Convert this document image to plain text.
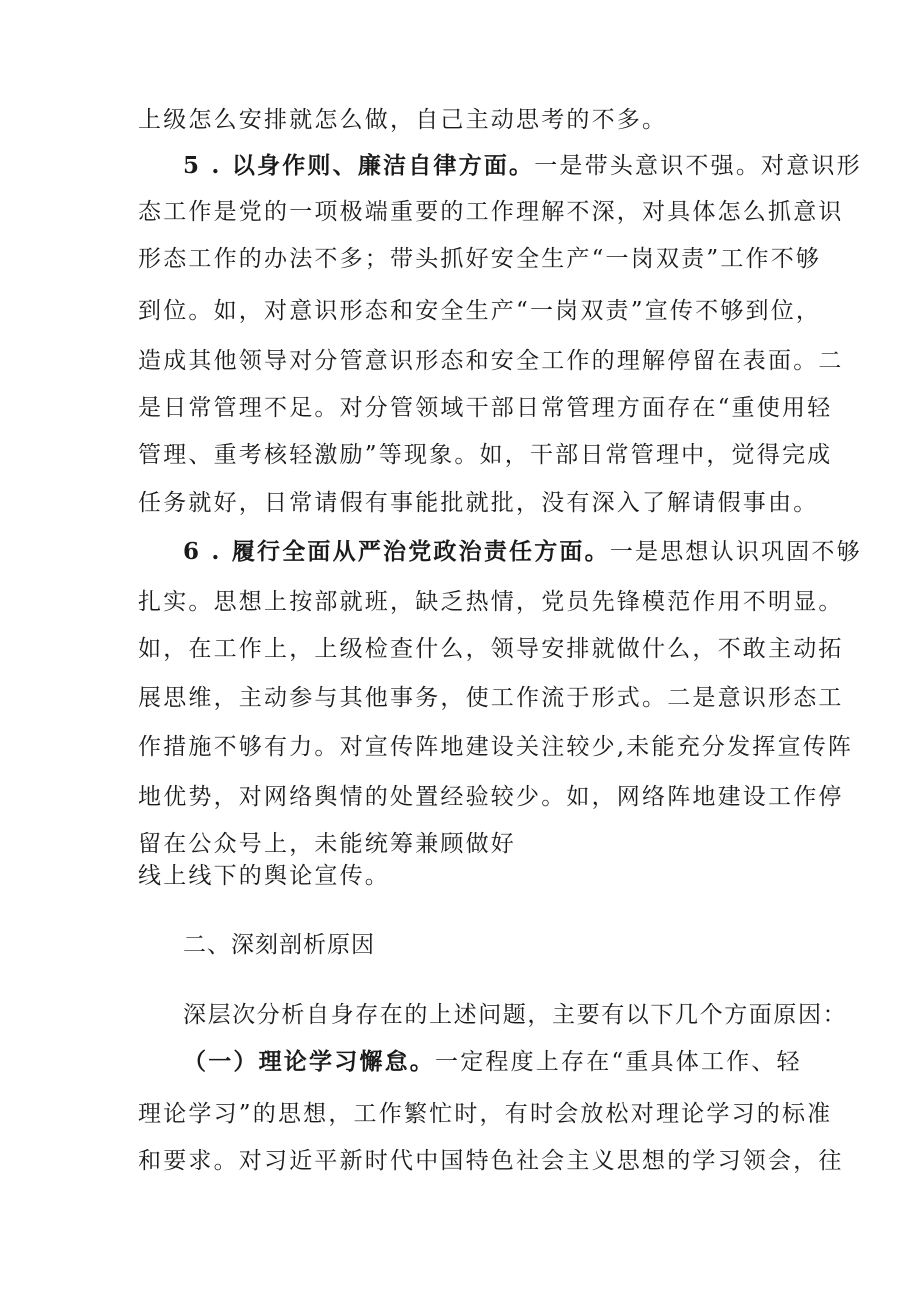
上级怎么安排就怎么做，自己主动思考的不多。
5 . 以身作则、廉洁自律方面。一是带头意识不强。对意识形
态工作是党的一项极端重要的工作理解不深，对具体怎么抓意识
形态工作的办法不多；带头抓好安全生产“一岗双责”工作不够
到位。如，对意识形态和安全生产“一岗双责”宣传不够到位，
造成其他领导对分管意识形态和安全工作的理解停留在表面。二
是日常管理不足。对分管领域干部日常管理方面存在“重使用轻
管理、重考核轻激励”等现象。如，干部日常管理中，觉得完成
任务就好，日常请假有事能批就批，没有深入了解请假事由。
6 . 履行全面从严治党政治责任方面。一是思想认识巩固不够
扎实。思想上按部就班，缺乏热情，党员先锋模范作用不明显。
如，在工作上，上级检查什么，领导安排就做什么，不敢主动拓
展思维，主动参与其他事务，使工作流于形式。二是意识形态工
作措施不够有力。对宣传阵地建设关注较少,未能充分发挥宣传阵
地优势，对网络舆情的处置经验较少。如，网络阵地建设工作停
留在公众号上，未能统筹兼顾做好
线上线下的舆论宣传。
二、深刻剖析原因
深层次分析自身存在的上述问题，主要有以下几个方面原因：
（一）理论学习懈怠。一定程度上存在“重具体工作、轻
理论学习”的思想，工作繁忙时，有时会放松对理论学习的标准
和要求。对习近平新时代中国特色社会主义思想的学习领会，往
